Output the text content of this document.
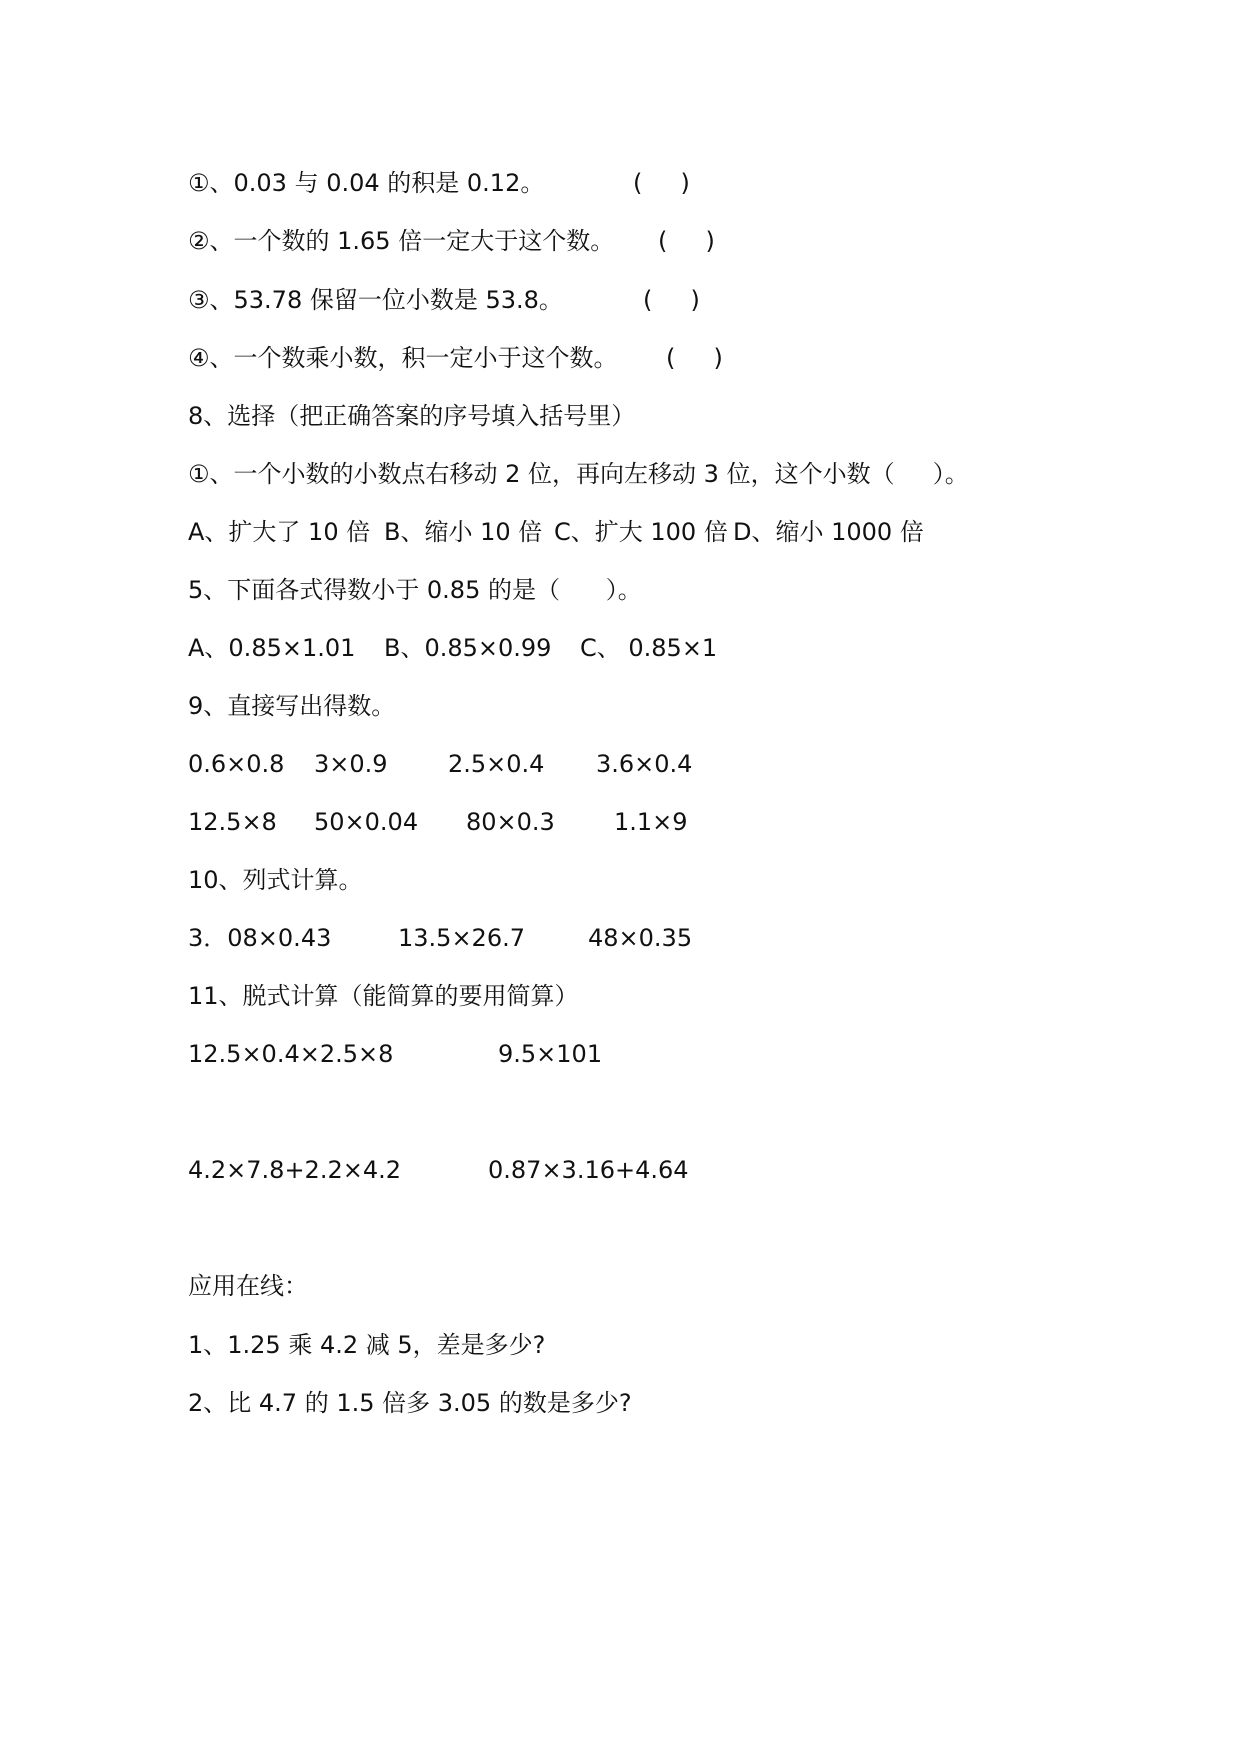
①、0.03 与 0.04 的积是 0.12。

	(     )

②、一个数的 1.65 倍一定大于这个数。

(     )

③、53.78 保留一位小数是 53.8。

	(     )

④、一个数乘小数，积一定小于这个数。

(     )

8、选择（把正确答案的序号填入括号里）
①、一个小数的小数点右移动 2 位，再向左移动 3 位，这个小数（     ）。

A、扩大了 10 倍

B、缩小 10 倍

C、扩大 100 倍

D、缩小 1000 倍

5、下面各式得数小于 0.85 的是（      ）。

A、0.85×1.01

B、0.85×0.99

C、 0.85×1

9、直接写出得数。

0.6×0.8

3×0.9

	2.5×0.4

3.6×0.4

12.5×8

50×0.04

80×0.3

1.1×9

10、列式计算。

3．08×0.43

	13.5×26.7

	48×0.35

11、脱式计算（能简算的要用简算）

12.5×0.4×2.5×8

	9.5×101

4.2×7.8+2.2×4.2

	0.87×3.16+4.64

应用在线：
1、1.25 乘 4.2 减 5，差是多少?
2、比 4.7 的 1.5 倍多 3.05 的数是多少?
